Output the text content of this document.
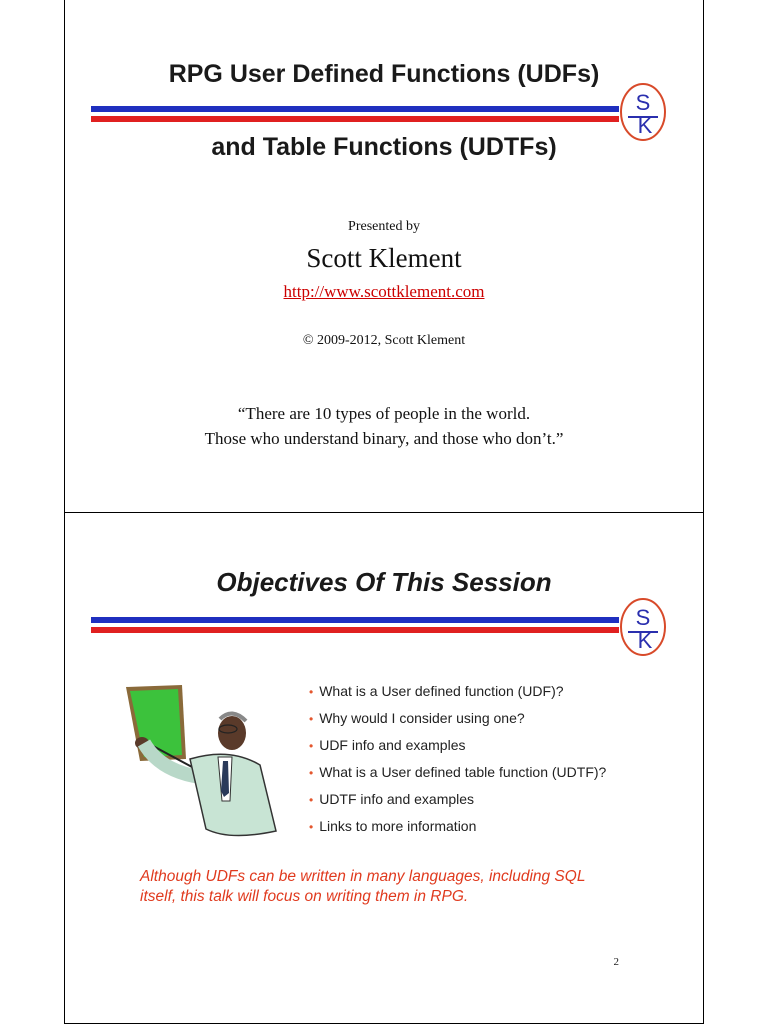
RPG User Defined Functions (UDFs)
S
K
and Table Functions (UDTFs)
Presented by
Scott Klement
http://www.scottklement.com
© 2009-2012, Scott Klement
“There are 10 types of people in the world.
Those who understand binary, and those who don’t.”
Objectives Of This Session
S
K
• What is a User defined function (UDF)?
• Why would I consider using one?
• UDF info and examples
• What is a User defined table function (UDTF)?
• UDTF info and examples
• Links to more information
Although UDFs can be written in many languages, including SQL
itself, this talk will focus on writing them in RPG.
2
